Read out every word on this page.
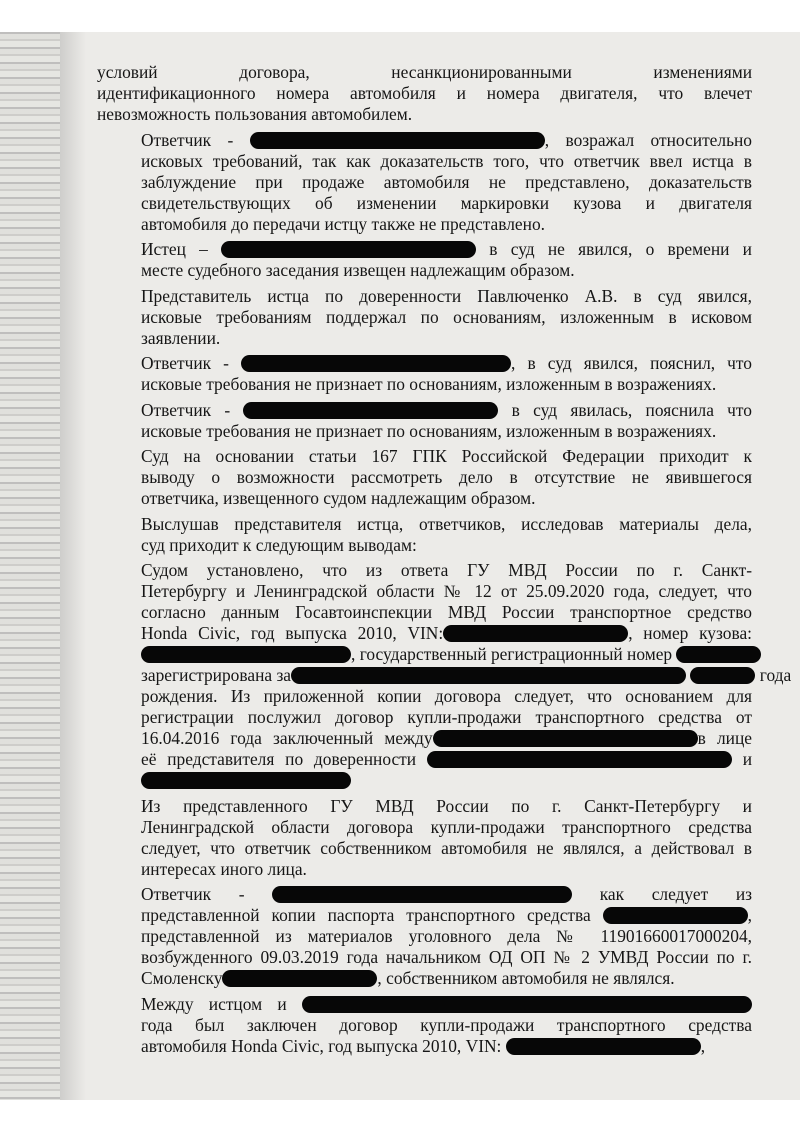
условий договора, несанкционированными изменениями
идентификационного номера автомобиля и номера двигателя, что влечет
невозможность пользования автомобилем.
Ответчик -	, возражал относительно
исковых требований, так как доказательств того, что ответчик ввел истца в
заблуждение при продаже автомобиля не представлено, доказательств
свидетельствующих об изменении маркировки кузова и двигателя
автомобиля до передачи истцу также не представлено.
Истец –	в суд не явился, о времени и
месте судебного заседания извещен надлежащим образом.
Представитель истца по доверенности Павлюченко А.В. в суд явился,
исковые требованиям поддержал по основаниям, изложенным в исковом
заявлении.
Ответчик -	, в суд явился, пояснил, что
исковые требования не признает по основаниям, изложенным в возражениях.
Ответчик -	в суд явилась, пояснила что
исковые требования не признает по основаниям, изложенным в возражениях.
Суд на основании статьи 167 ГПК Российской Федерации приходит к
выводу о возможности рассмотреть дело в отсутствие не явившегося
ответчика, извещенного судом надлежащим образом.
Выслушав представителя истца, ответчиков, исследовав материалы дела,
суд приходит к следующим выводам:
Судом установлено, что из ответа ГУ МВД России по г. Санкт-
Петербургу и Ленинградской области № 12 от 25.09.2020 года, следует, что
согласно данным Госавтоинспекции МВД России транспортное средство
Honda Civic, год выпуска 2010, VIN:	, номер кузова:
, государственный регистрационный номер
зарегистрирована за	года
рождения. Из приложенной копии договора следует, что основанием для
регистрации послужил договор купли-продажи транспортного средства от
16.04.2016 года заключенный между	в лице
её представителя по доверенности	и
Из представленного ГУ МВД России по г. Санкт-Петербургу и
Ленинградской области договора купли-продажи транспортного средства
следует, что ответчик собственником автомобиля не являлся, а действовал в
интересах иного лица.
Ответчик -	как следует из
представленной копии паспорта транспортного средства	,
представленной из материалов уголовного дела № 11901660017000204,
возбужденного 09.03.2019 года начальником ОД ОП № 2 УМВД России по г.
Смоленску	, собственником автомобиля не являлся.
Между истцом и
года был заключен договор купли-продажи транспортного средства
автомобиля Honda Civic, год выпуска 2010, VIN:	,
